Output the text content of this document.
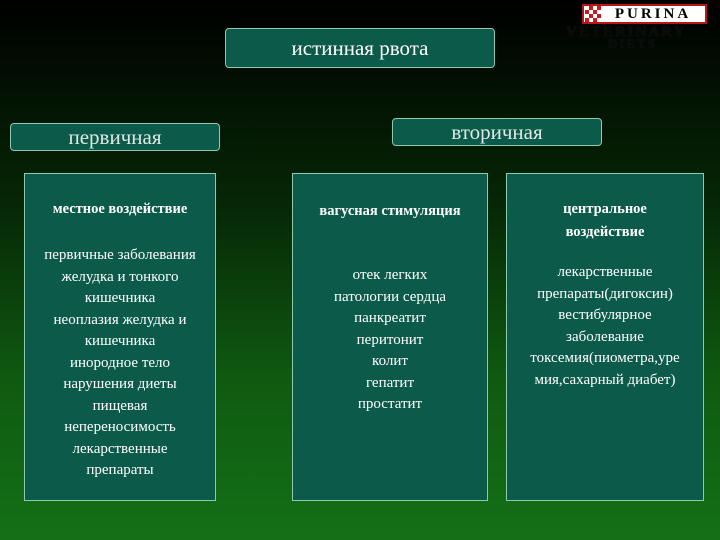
PURINA
VETERINARY
DIETS
истинная рвота
первичная	вторичная
местное воздействие
первичные заболевания
желудка и тонкого
кишечника
неоплазия желудка и
кишечника
инородное тело
нарушения диеты
пищевая
непереносимость
лекарственные
препараты
вагусная стимуляция
отек легких
патологии сердца
панкреатит
перитонит
колит
гепатит
простатит
центральное
воздействие
лекарственные
препараты(дигоксин)
вестибулярное
заболевание
токсемия(пиометра,уре
мия,сахарный диабет)
